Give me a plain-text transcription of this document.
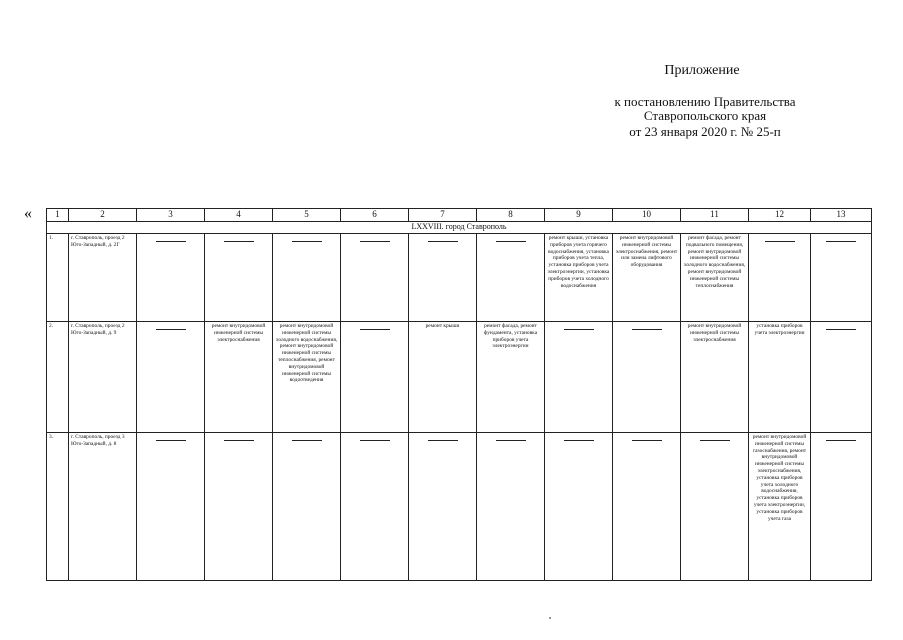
Приложение
к постановлению Правительства
Ставропольского края
от 23 января 2020 г. № 25-п
«	1	2	3	4	5	6	7	8	9	10	11	12	13
LXXVIII. город Ставрополь												
1.	г. Ставрополь, проезд 2 Юго-Западный, д. 2Г							ремонт крыши, установка приборов учета горячего водоснабжения, установка приборов учета тепла, установка приборов учета электроэнергии, установка приборов учета холодного водоснабжения	ремонт внутридомовой инженерной системы электроснабжения, ремонт или замена лифтового оборудования	ремонт фасада, ремонт подвального помещения, ремонт внутридомовой инженерной системы холодного водоснабжения, ремонт внутридомовой инженерной системы теплоснабжения	

2.	г. Ставрополь, проезд 2 Юго-Западный, д. 9		ремонт внутридомовой инженерной системы электроснабжения	ремонт внутридомовой инженерной системы холодного водоснабжения, ремонт внутридомовой инженерной системы теплоснабжения, ремонт внутридомовой инженерной системы водоотведения		ремонт крыши	ремонт фасада, ремонт фундамента, установка приборов учета электроэнергии			ремонт внутридомовой инженерной системы электроснабжения	установка приборов учета электроэнергии	

3.	г. Ставрополь, проезд 3 Юго-Западный, д. 8										ремонт внутридомовой инженерной системы газоснабжения, ремонт внутридомовой инженерной системы электроснабжения, установка приборов учета холодного водоснабжения, установка приборов учета электроэнергии, установка приборов учета газа	
